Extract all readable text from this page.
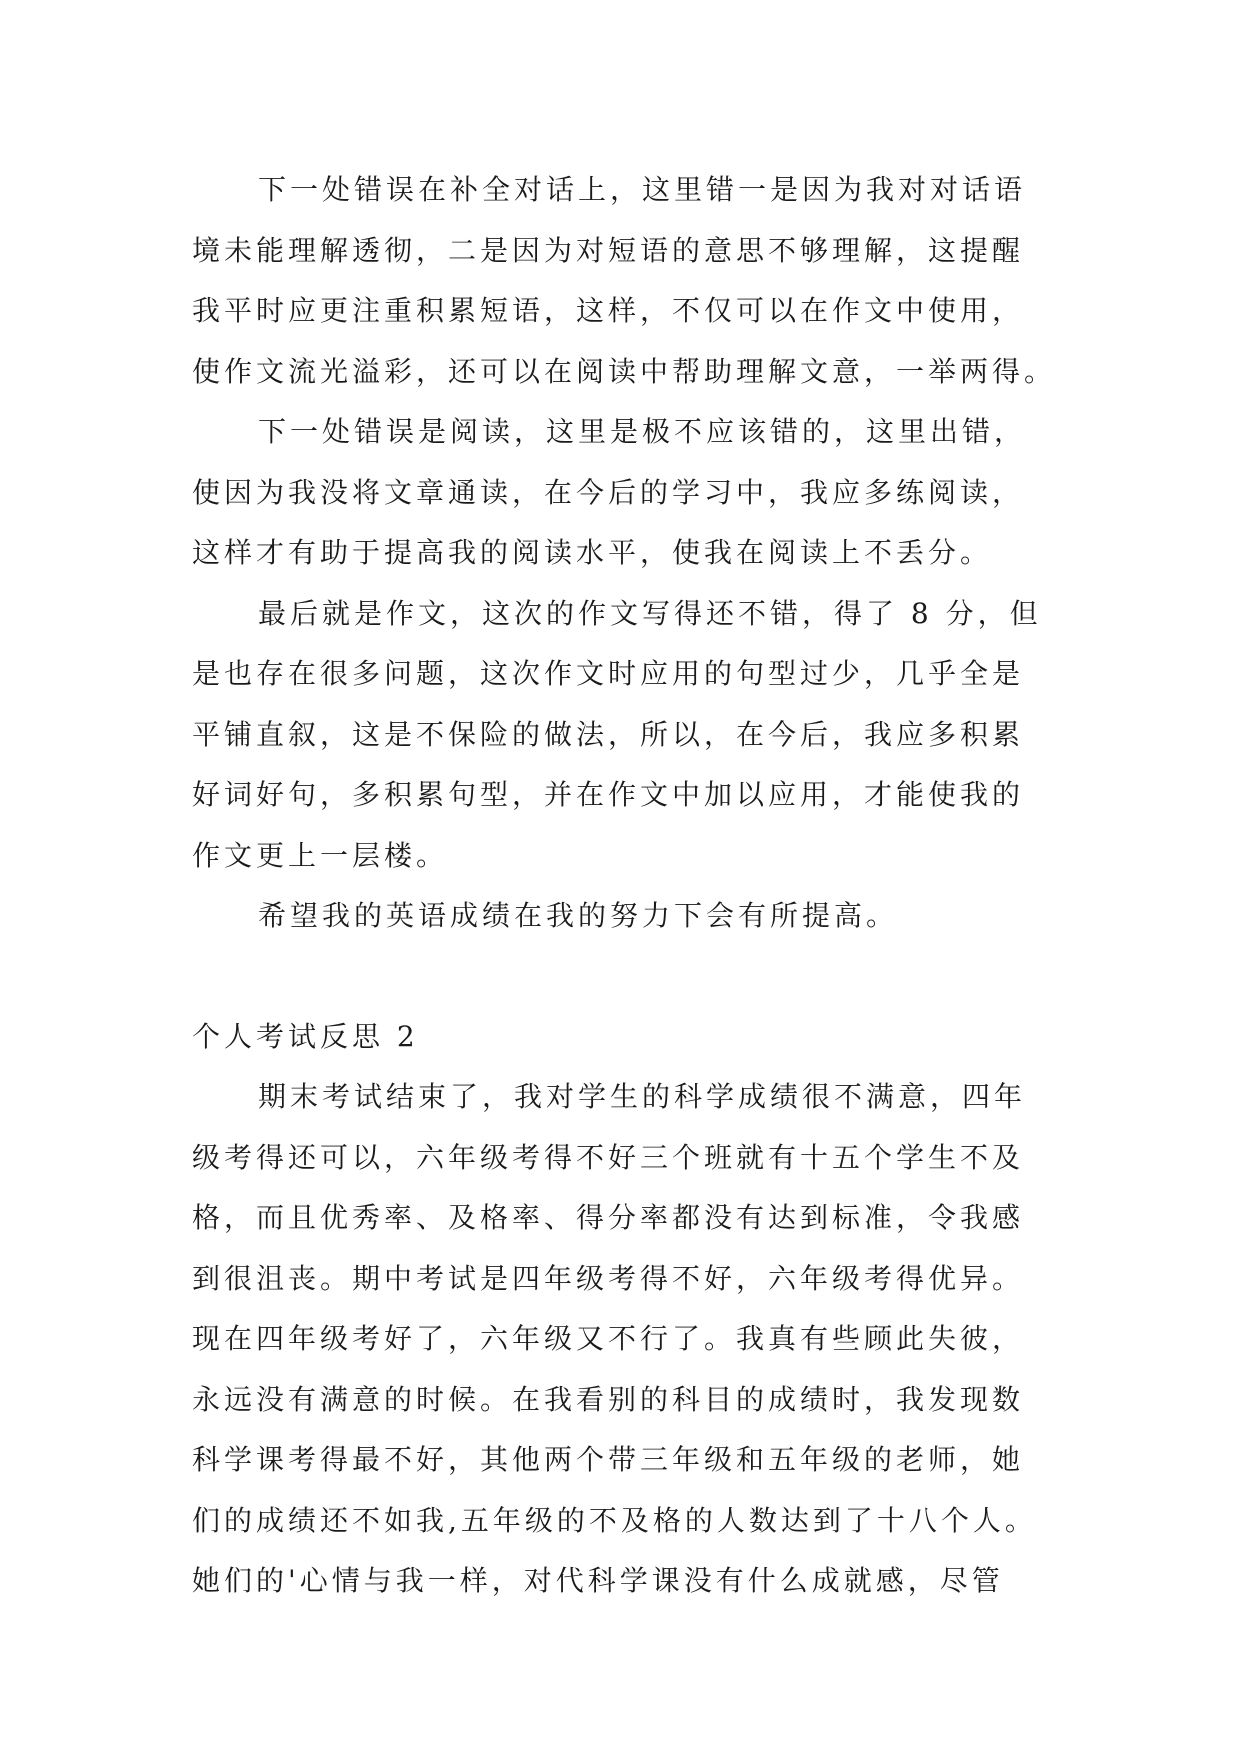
下一处错误在补全对话上，这里错一是因为我对对话语
境未能理解透彻，二是因为对短语的意思不够理解，这提醒
我平时应更注重积累短语，这样，不仅可以在作文中使用，
使作文流光溢彩，还可以在阅读中帮助理解文意，一举两得。
下一处错误是阅读，这里是极不应该错的，这里出错，
使因为我没将文章通读，在今后的学习中，我应多练阅读，
这样才有助于提高我的阅读水平，使我在阅读上不丢分。
最后就是作文，这次的作文写得还不错，得了 8 分，但
是也存在很多问题，这次作文时应用的句型过少，几乎全是
平铺直叙，这是不保险的做法，所以，在今后，我应多积累
好词好句，多积累句型，并在作文中加以应用，才能使我的
作文更上一层楼。
希望我的英语成绩在我的努力下会有所提高。
个人考试反思 2
期末考试结束了，我对学生的科学成绩很不满意，四年
级考得还可以，六年级考得不好三个班就有十五个学生不及
格，而且优秀率、及格率、得分率都没有达到标准，令我感
到很沮丧。期中考试是四年级考得不好，六年级考得优异。
现在四年级考好了，六年级又不行了。我真有些顾此失彼，
永远没有满意的时候。在我看别的科目的成绩时，我发现数
科学课考得最不好，其他两个带三年级和五年级的老师，她
们的成绩还不如我,五年级的不及格的人数达到了十八个人。
她们的'心情与我一样，对代科学课没有什么成就感，尽管
